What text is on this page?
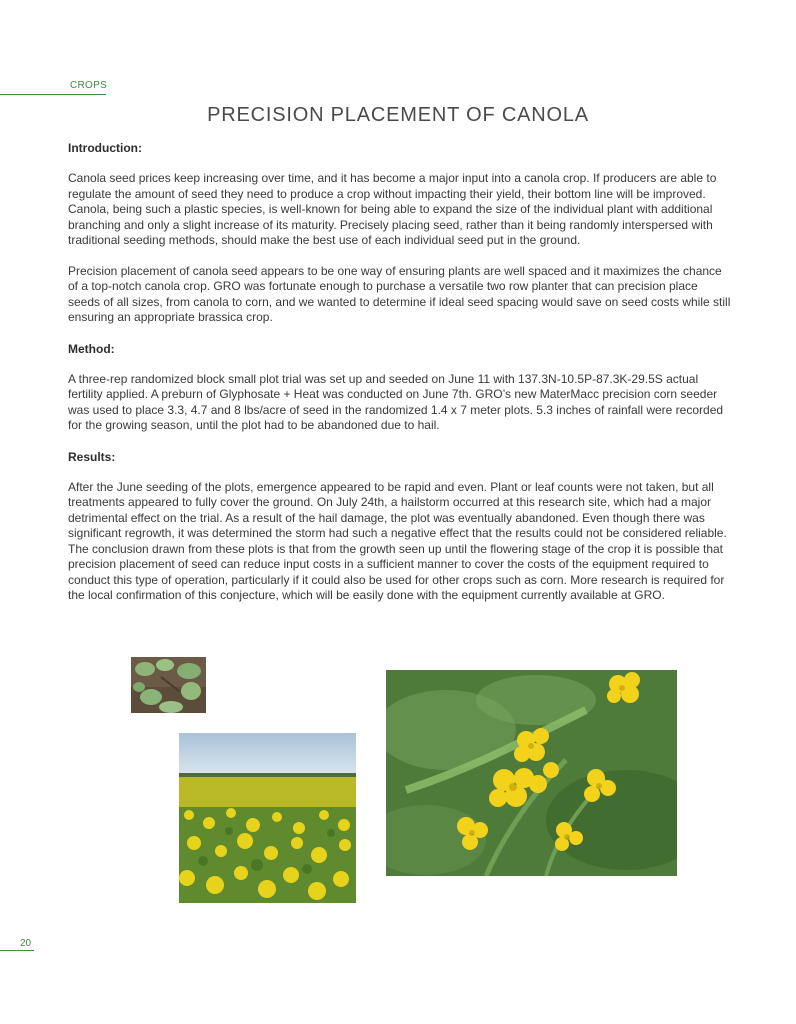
CROPS
PRECISION PLACEMENT OF CANOLA
Introduction:

Canola seed prices keep increasing over time, and it has become a major input into a canola crop. If producers are able to regulate the amount of seed they need to produce a crop without impacting their yield, their bottom line will be improved. Canola, being such a plastic species, is well-known for being able to expand the size of the individual plant with additional branching and only a slight increase of its maturity. Precisely placing seed, rather than it being randomly interspersed with traditional seeding methods, should make the best use of each individual seed put in the ground.

Precision placement of canola seed appears to be one way of ensuring plants are well spaced and it maximizes the chance of a top-notch canola crop. GRO was fortunate enough to purchase a versatile two row planter that can precision place seeds of all sizes, from canola to corn, and we wanted to determine if ideal seed spacing would save on seed costs while still ensuring an appropriate brassica crop.

Method:

A three-rep randomized block small plot trial was set up and seeded on June 11 with 137.3N-10.5P-87.3K-29.5S actual fertility applied. A preburn of Glyphosate + Heat was conducted on June 7th. GRO’s new MaterMacc precision corn seeder was used to place 3.3, 4.7 and 8 lbs/acre of seed in the randomized 1.4 x 7 meter plots. 5.3 inches of rainfall were recorded for the growing season, until the plot had to be abandoned due to hail.

Results:

After the June seeding of the plots, emergence appeared to be rapid and even. Plant or leaf counts were not taken, but all treatments appeared to fully cover the ground. On July 24th, a hailstorm occurred at this research site, which had a major detrimental effect on the trial. As a result of the hail damage, the plot was eventually abandoned. Even though there was significant regrowth, it was determined the storm had such a negative effect that the results could not be considered reliable. The conclusion drawn from these plots is that from the growth seen up until the flowering stage of the crop it is possible that precision placement of seed can reduce input costs in a sufficient manner to cover the costs of the equipment required to conduct this type of operation, particularly if it could also be used for other crops such as corn. More research is required for the local confirmation of this conjecture, which will be easily done with the equipment currently available at GRO.

20
